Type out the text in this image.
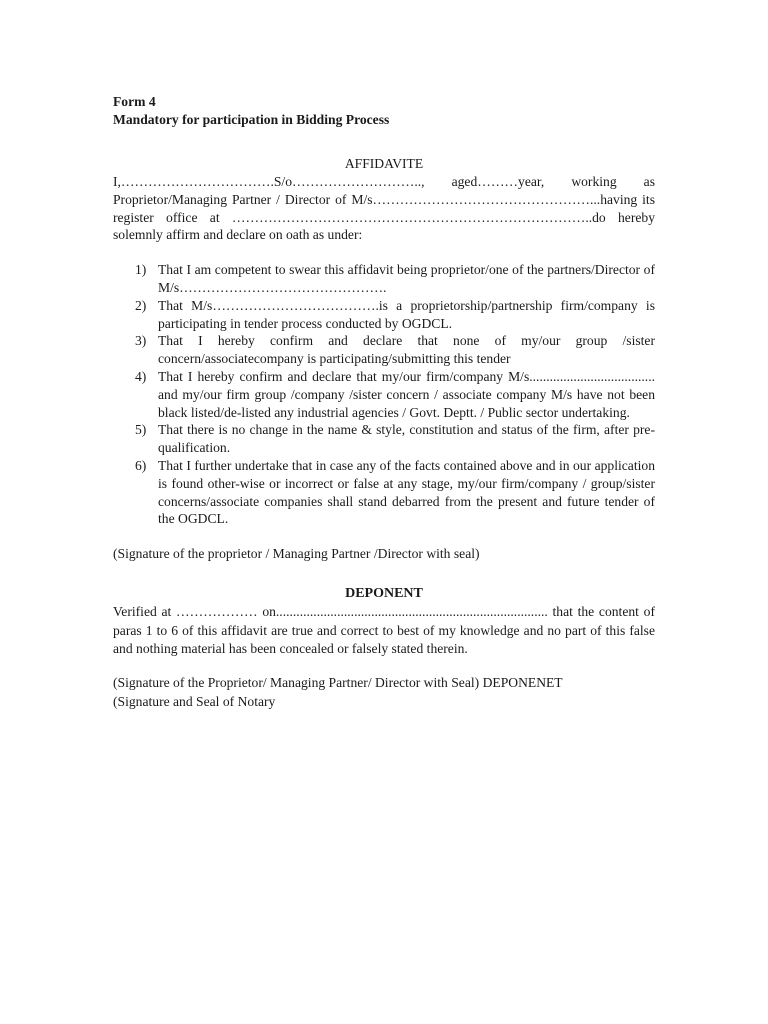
Form 4

Mandatory for participation in Bidding Process

AFFIDAVITE

I,…………………………….S/o……………………….., aged………year, working as Proprietor/Managing Partner / Director of M/s…………………………………………...having its register office at ……………………………………………………………………..do hereby solemnly affirm and declare on oath as under:

1) That I am competent to swear this affidavit being proprietor/one of the partners/Director of M/s……………………………………….
2) That M/s……………………………….is a proprietorship/partnership firm/company is participating in tender process conducted by OGDCL.
3) That I hereby confirm and declare that none of my/our group /sister concern/associatecompany is participating/submitting this tender
4) That I hereby confirm and declare that my/our firm/company M/s..................................... and my/our firm group /company /sister concern / associate company M/s have not been black listed/de-listed any industrial agencies / Govt. Deptt. / Public sector undertaking.
5) That there is no change in the name & style, constitution and status of the firm, after pre-qualification.
6) That I further undertake that in case any of the facts contained above and in our application is found other-wise or incorrect or false at any stage, my/our firm/company / group/sister concerns/associate companies shall stand debarred from the present and future tender of the OGDCL.

(Signature of the proprietor / Managing Partner /Director with seal)

DEPONENT

Verified at ……………… on................................................................................ that the content of paras 1 to 6 of this affidavit are true and correct to best of my knowledge and no part of this false and nothing material has been concealed or falsely stated therein.

(Signature of the Proprietor/ Managing Partner/ Director with Seal) DEPONENET
(Signature and Seal of Notary
